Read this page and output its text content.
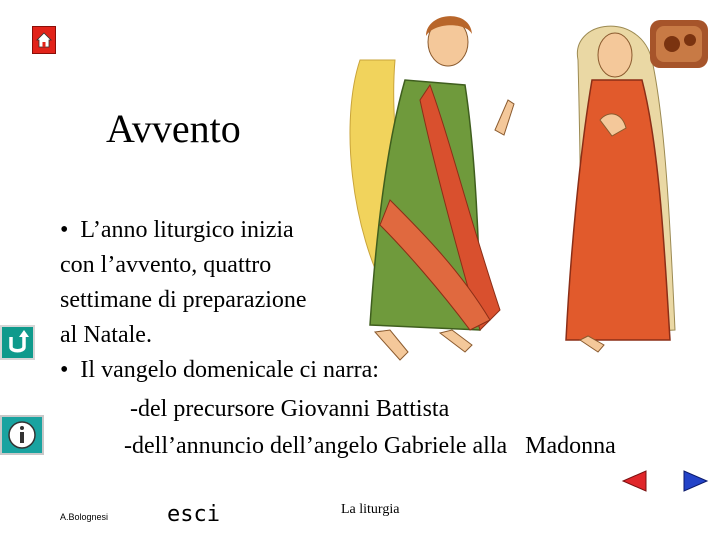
Avvento
• L’anno liturgico inizia
con l’avvento, quattro
settimane di preparazione
al Natale.
• Il vangelo domenicale ci narra:
-del precursore Giovanni Battista
-dell’annuncio dell’angelo Gabriele alla   Madonna
A.Bolognesi	esci	La liturgia
